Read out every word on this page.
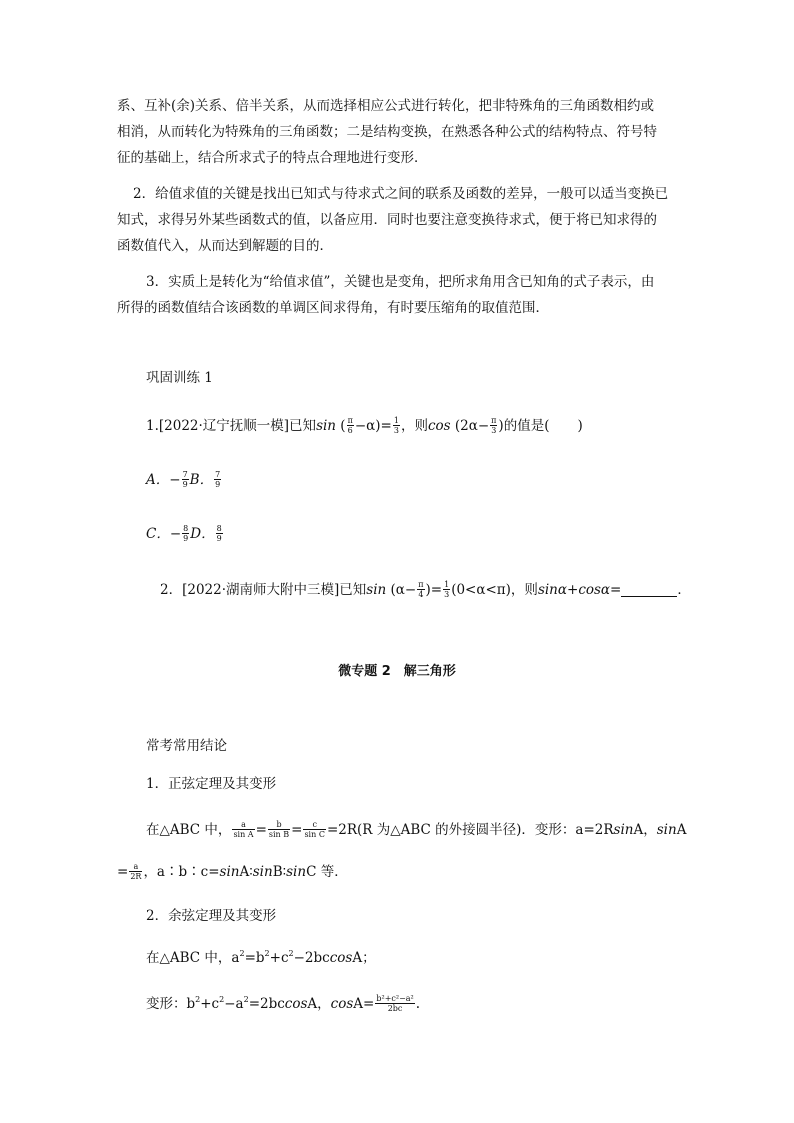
系、互补(余)关系、倍半关系，从而选择相应公式进行转化，把非特殊角的三角函数相约或
相消，从而转化为特殊角的三角函数；二是结构变换，在熟悉各种公式的结构特点、符号特
征的基础上，结合所求式子的特点合理地进行变形．
2．给值求值的关键是找出已知式与待求式之间的联系及函数的差异，一般可以适当变换已
知式，求得另外某些函数式的值，以备应用．同时也要注意变换待求式，便于将已知求得的
函数值代入，从而达到解题的目的．
3．实质上是转化为“给值求值”，关键也是变角，把所求角用含已知角的式子表示，由
所得的函数值结合该函数的单调区间求得角，有时要压缩角的取值范围．
巩固训练 1
1.[2022·辽宁抚顺一模]已知sin ( $\frac{\pi}{6} -\alpha)= \frac{1}{3}$ ，则$\cos (2\alpha- \frac{\pi}{3}$ )的值是( )
A．− $\frac{7}{9}$ B． $\frac{7}{9}$
C．− $\frac{8}{9}$ D． $\frac{8}{9}$
2．[2022·湖南师大附中三模]已知$\sin (\alpha- \frac{\pi}{4}$ )= $\frac{1}{3} (0<\alpha<\pi)$，则sinα+cosα=	．
微专题 2　解三角形
常考常用结论
1．正弦定理及其变形
在△ABC 中， $\frac{a}{\text{sin A}} = \frac{b}{\text{sin B}} = \frac{c}{\text{sin C}} =2R(R$ 为△ABC 的外接圆半径)．变形：a=2RsinA，sinA
= $\frac{a}{2R}$ ，a∶b∶c=sinA∶sinB∶sinC 等．
2．余弦定理及其变形
在△ABC 中，$a^2=b^2+c^2-2bccosA$；
变形：$b^2+c^2-a^2=2bccosA$，$\cos A= \frac{\text{b²+c²−a²}}{2bc}$ .
